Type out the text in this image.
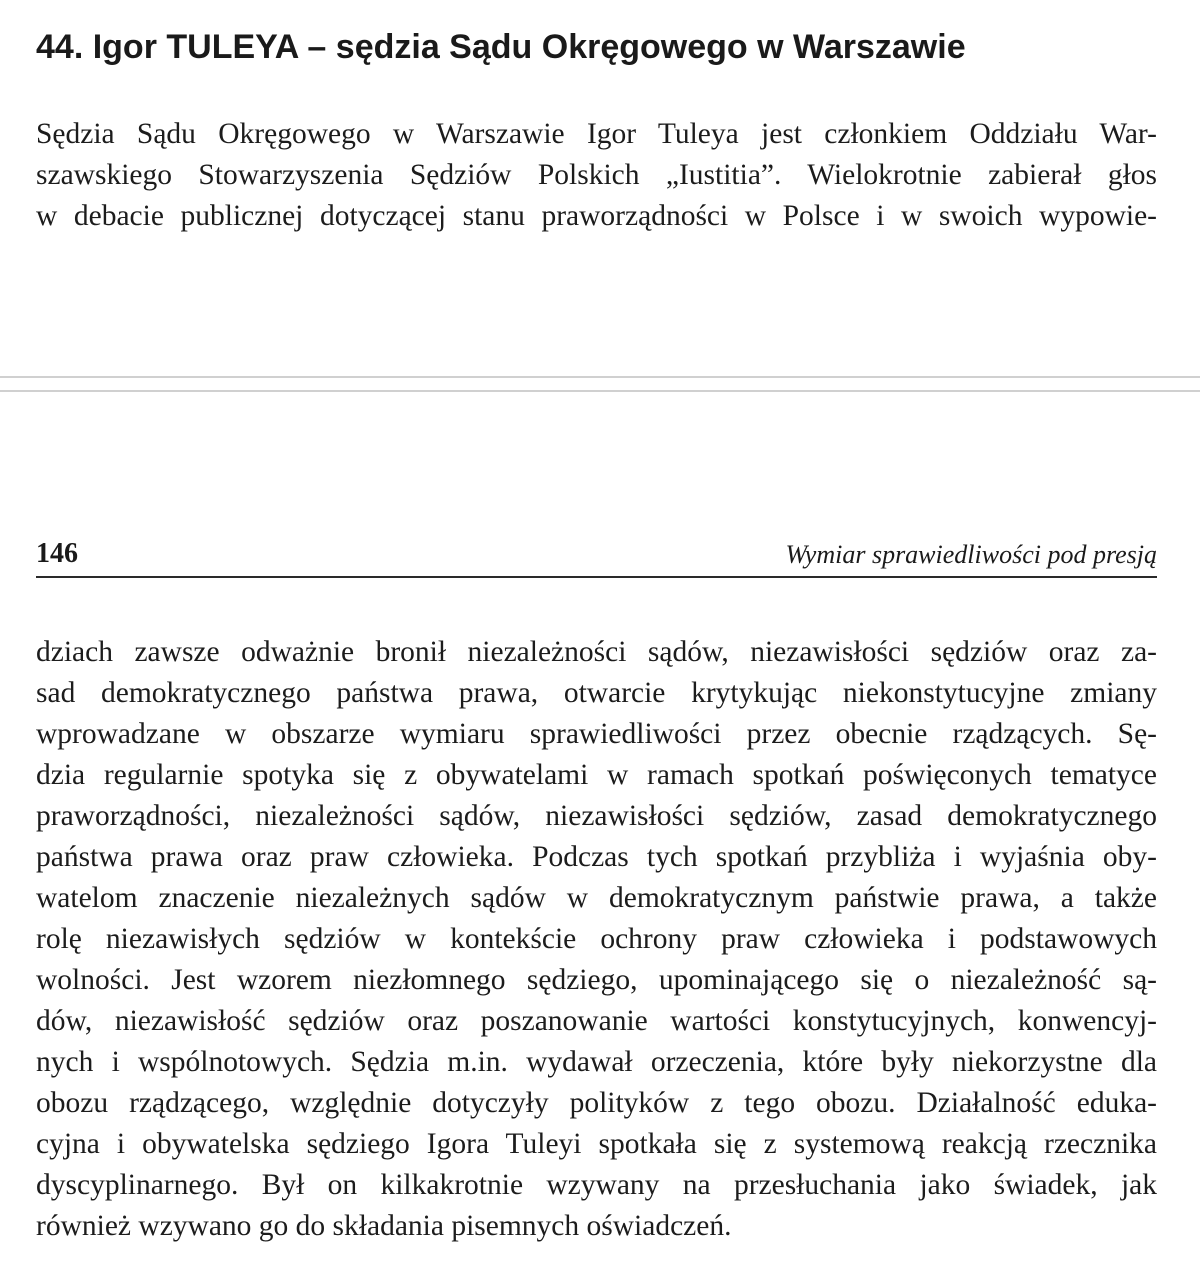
44. Igor TULEYA – sędzia Sądu Okręgowego w Warszawie
Sędzia Sądu Okręgowego w Warszawie Igor Tuleya jest członkiem Oddziału War-
szawskiego Stowarzyszenia Sędziów Polskich „Iustitia”. Wielokrotnie zabierał głos
w debacie publicznej dotyczącej stanu praworządności w Polsce i w swoich wypowie-
146	Wymiar sprawiedliwości pod presją
dziach zawsze odważnie bronił niezależności sądów, niezawisłości sędziów oraz za-
sad demokratycznego państwa prawa, otwarcie krytykując niekonstytucyjne zmiany
wprowadzane w obszarze wymiaru sprawiedliwości przez obecnie rządzących. Sę-
dzia regularnie spotyka się z obywatelami w ramach spotkań poświęconych tematyce
praworządności, niezależności sądów, niezawisłości sędziów, zasad demokratycznego
państwa prawa oraz praw człowieka. Podczas tych spotkań przybliża i wyjaśnia oby-
watelom znaczenie niezależnych sądów w demokratycznym państwie prawa, a także
rolę niezawisłych sędziów w kontekście ochrony praw człowieka i podstawowych
wolności. Jest wzorem niezłomnego sędziego, upominającego się o niezależność są-
dów, niezawisłość sędziów oraz poszanowanie wartości konstytucyjnych, konwencyj-
nych i wspólnotowych. Sędzia m.in. wydawał orzeczenia, które były niekorzystne dla
obozu rządzącego, względnie dotyczyły polityków z tego obozu. Działalność eduka-
cyjna i obywatelska sędziego Igora Tuleyi spotkała się z systemową reakcją rzecznika
dyscyplinarnego. Był on kilkakrotnie wzywany na przesłuchania jako świadek, jak
również wzywano go do składania pisemnych oświadczeń.
